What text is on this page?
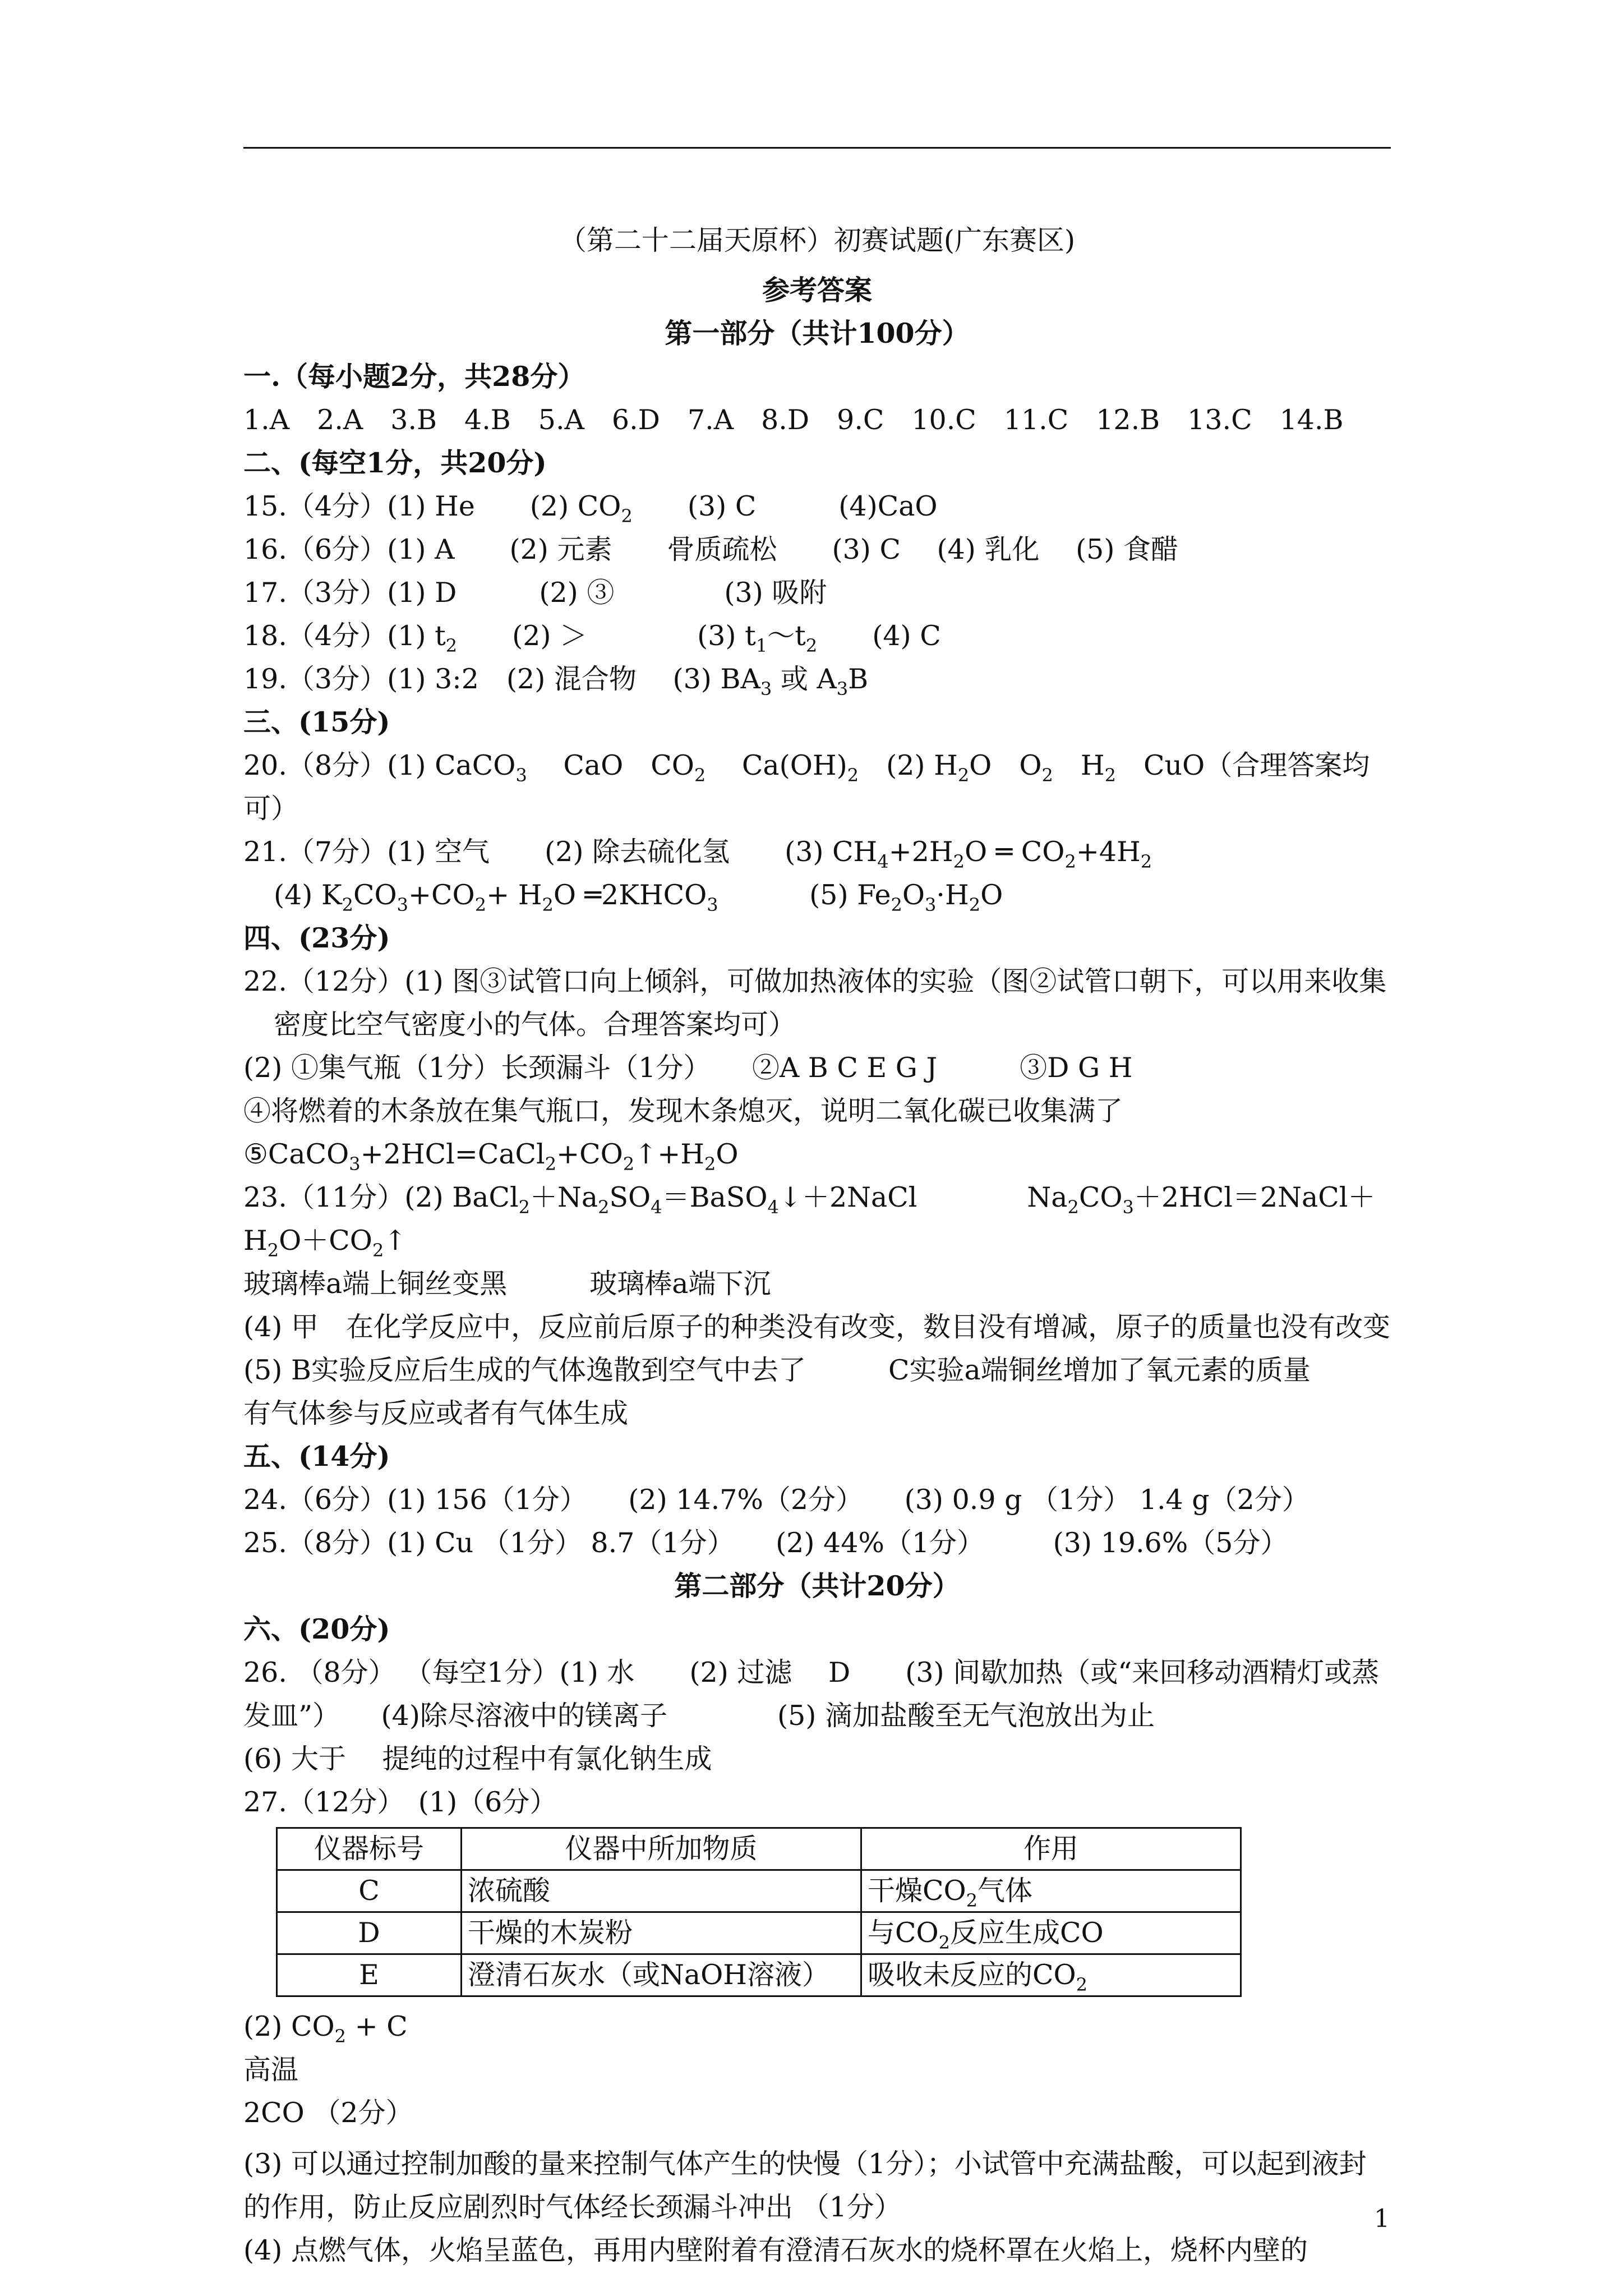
（第二十二届天原杯）初赛试题(广东赛区)

参考答案

第一部分（共计100分）

一.（每小题2分，共28分）

1.A　2.A　3.B　4.B　5.A　6.D　7.A　8.D　9.C　10.C　11.C　12.B　13.C　14.B

二、(每空1分，共20分)

15.（4分）(1) He　　(2) $CO_2$　　(3) C　　　(4)CaO

16.（6分）(1) A　　(2) 元素　　骨质疏松　　(3) C　 (4) 乳化　 (5) 食醋

17.（3分）(1) D　　　(2) ③　　　　(3) 吸附

18.（4分）(1) $t_2$　　(2) ＞　　　　(3) $t_1\sim t_2$　　(4) C

19.（3分）(1) 3:2　(2) 混合物　 (3) $BA_3$ 或 $A_3B$

三、(15分)

20.（8分）(1) CaCO$_3$　 CaO　$CO_2$　 $Ca(OH)_2$　(2) $H_2O$　$O_2$　$H_2$　CuO（合理答案均可）

21.（7分）(1) 空气　　(2) 除去硫化氢　　(3) $CH_4+2H_2O$ ═ $CO_2+4H_2$

(4) $K_2CO_3+CO_2+ H_2O$ $═2KHCO_3$　　　 (5) $Fe_2O_3\cdot H_2O$

四、(23分)

22.（12分）(1) 图③试管口向上倾斜，可做加热液体的实验（图②试管口朝下，可以用来收集密度比空气密度小的气体。合理答案均可）

(2) ①集气瓶（1分）长颈漏斗（1分）　　②A B C E G J　　　③D G H

④将燃着的木条放在集气瓶口，发现木条熄灭，说明二氧化碳已收集满了

$⑤CaCO_3+2HCl=CaCl_2+CO_2↑+H_2O$

23.（11分）(2) $BaCl_2+Na_2SO_4=BaSO_4↓+2NaCl$　　　　$Na_2CO_3+2HCl=2NaCl+H_2O+CO_2↑$

玻璃棒a端上铜丝变黑　　　玻璃棒a端下沉

(4) 甲　在化学反应中，反应前后原子的种类没有改变，数目没有增减，原子的质量也没有改变

(5) B实验反应后生成的气体逸散到空气中去了　　　C实验a端铜丝增加了氧元素的质量

有气体参与反应或者有气体生成

五、(14分)

24.（6分）(1) 156（1分）　　(2) 14.7%（2分）　　(3) 0.9 g （1分） 1.4 g（2分）

25.（8分）(1) Cu （1分） 8.7（1分）　　(2) 44%（1分）　　　(3) 19.6%（5分）

第二部分（共计20分）

六、(20分)

26. （8分） （每空1分）(1) 水　　(2) 过滤　 D　　(3) 间歇加热（或“来回移动酒精灯或蒸发皿”）　　(4)除尽溶液中的镁离子　　　　(5) 滴加盐酸至无气泡放出为止

(6) 大于　 提纯的过程中有氯化钠生成

27.（12分）　(1)（6分）

仪器标号	仪器中所加物质	作用
C	浓硫酸	干燥$CO_2$气体
D	干燥的木炭粉	与$CO_2$反应生成CO
E	澄清石灰水（或NaOH溶液）	吸收未反应的$CO_2$

(2) $CO_2 + C$

高温
2CO （2分）

(3) 可以通过控制加酸的量来控制气体产生的快慢（1分）；小试管中充满盐酸，可以起到液封的作用，防止反应剧烈时气体经长颈漏斗冲出 （1分）

(4) 点燃气体，火焰呈蓝色，再用内壁附着有澄清石灰水的烧杯罩在火焰上，烧杯内壁的

1
